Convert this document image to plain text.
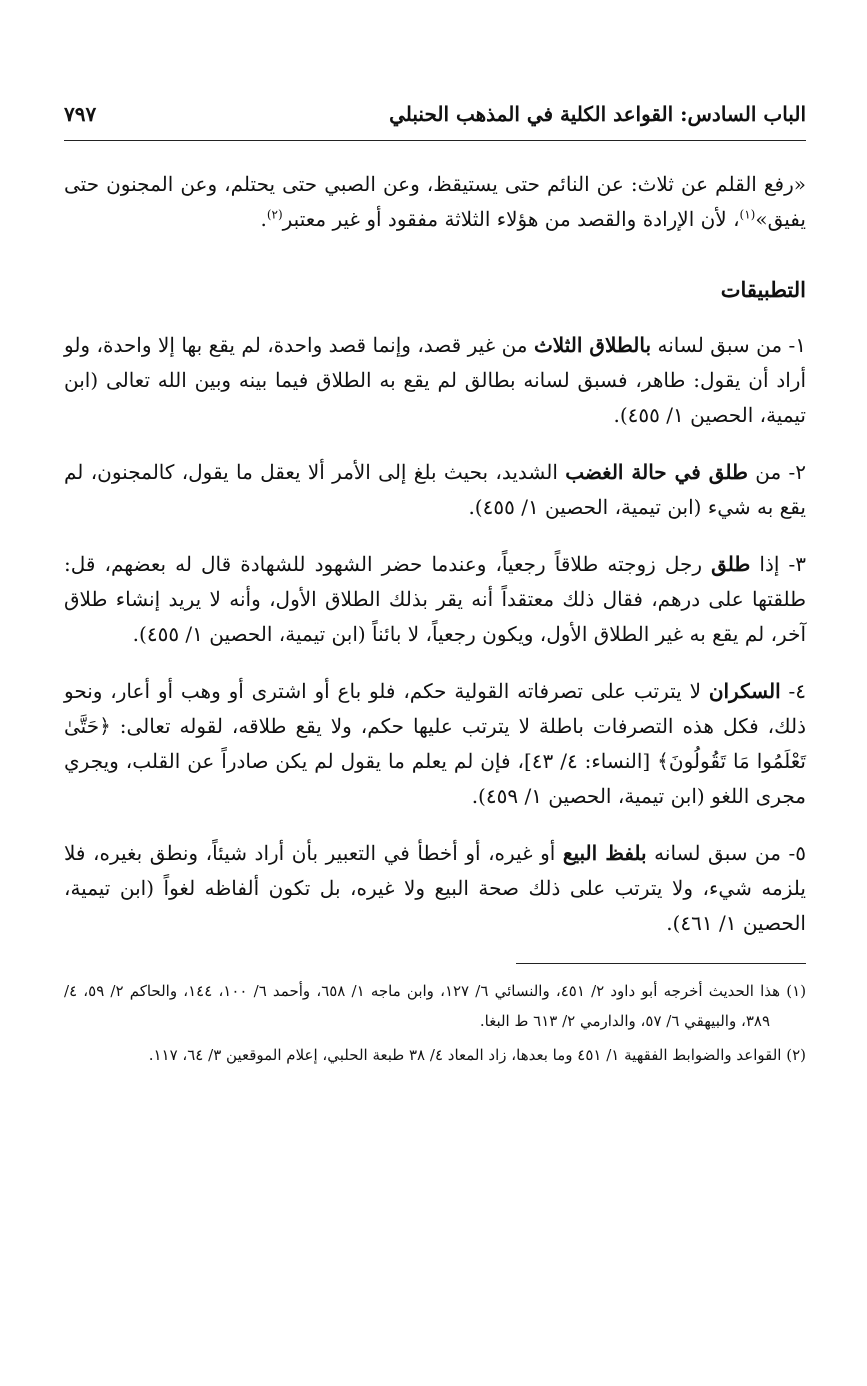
الباب السادس: القواعد الكلية في المذهب الحنبلي
٧٩٧

«رفع القلم عن ثلاث: عن النائم حتى يستيقظ، وعن الصبي حتى يحتلم، وعن المجنون حتى يفيق»$^{(١)}$، لأن الإرادة والقصد من هؤلاء الثلاثة مفقود أو غير معتبر$^{(٢)}$.

التطبيقات

١- من سبق لسانه بالطلاق الثلاث من غير قصد، وإنما قصد واحدة، لم يقع بها إلا واحدة، ولو أراد أن يقول: طاهر، فسبق لسانه بطالق لم يقع به الطلاق فيما بينه وبين الله تعالى (ابن تيمية، الحصين ١/ ٤٥٥).

٢- من طلق في حالة الغضب الشديد، بحيث بلغ إلى الأمر ألا يعقل ما يقول، كالمجنون، لم يقع به شيء (ابن تيمية، الحصين ١/ ٤٥٥).

٣- إذا طلق رجل زوجته طلاقاً رجعياً، وعندما حضر الشهود للشهادة قال له بعضهم، قل: طلقتها على درهم، فقال ذلك معتقداً أنه يقر بذلك الطلاق الأول، وأنه لا يريد إنشاء طلاق آخر، لم يقع به غير الطلاق الأول، ويكون رجعياً، لا بائناً (ابن تيمية، الحصين ١/ ٤٥٥).

٤- السكران لا يترتب على تصرفاته القولية حكم، فلو باع أو اشترى أو وهب أو أعار، ونحو ذلك، فكل هذه التصرفات باطلة لا يترتب عليها حكم، ولا يقع طلاقه، لقوله تعالى: ﴿حَتَّىٰ تَعْلَمُوا مَا تَقُولُونَ﴾ [النساء: ٤/ ٤٣]، فإن لم يعلم ما يقول لم يكن صادراً عن القلب، ويجري مجرى اللغو (ابن تيمية، الحصين ١/ ٤٥٩).

٥- من سبق لسانه بلفظ البيع أو غيره، أو أخطأ في التعبير بأن أراد شيئاً، ونطق بغيره، فلا يلزمه شيء، ولا يترتب على ذلك صحة البيع ولا غيره، بل تكون ألفاظه لغواً (ابن تيمية، الحصين ١/ ٤٦١).

(١) هذا الحديث أخرجه أبو داود ٢/ ٤٥١، والنسائي ٦/ ١٢٧، وابن ماجه ١/ ٦٥٨، وأحمد ٦/ ١٠٠، ١٤٤، والحاكم ٢/ ٥٩، ٤/ ٣٨٩، والبيهقي ٦/ ٥٧، والدارمي ٢/ ٦١٣ ط البغا.

(٢) القواعد والضوابط الفقهية ١/ ٤٥١ وما بعدها، زاد المعاد ٤/ ٣٨ طبعة الحلبي، إعلام الموقعين ٣/ ٦٤، ١١٧.
